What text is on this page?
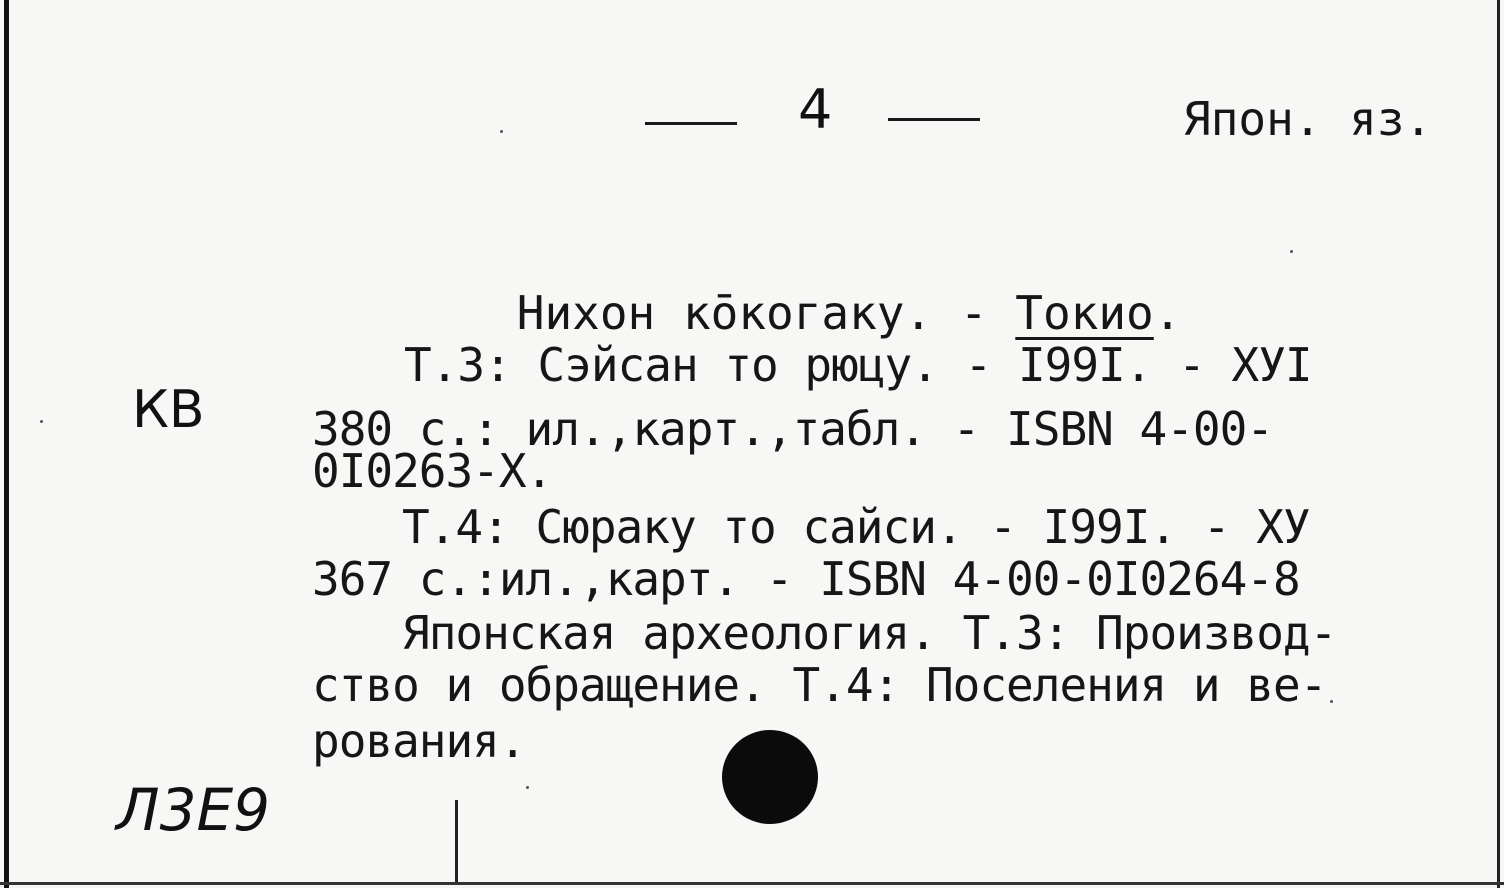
4	Япон. яз.

Нихон кōкогаку. - Токио.

КВ
Т.3: Сэйсан то рюцу. - I99I. - ХУI
380 с.: ил.,карт.,табл. - ISBN 4-00-
0I0263-Х.
Т.4: Сюраку то сайси. - I99I. - ХУ
367 с.:ил.,карт. - ISBN 4-00-0I0264-8
Японская археология. Т.3: Производ-
ство и обращение. Т.4: Поселения и ве-
рования.
Л3Е9
